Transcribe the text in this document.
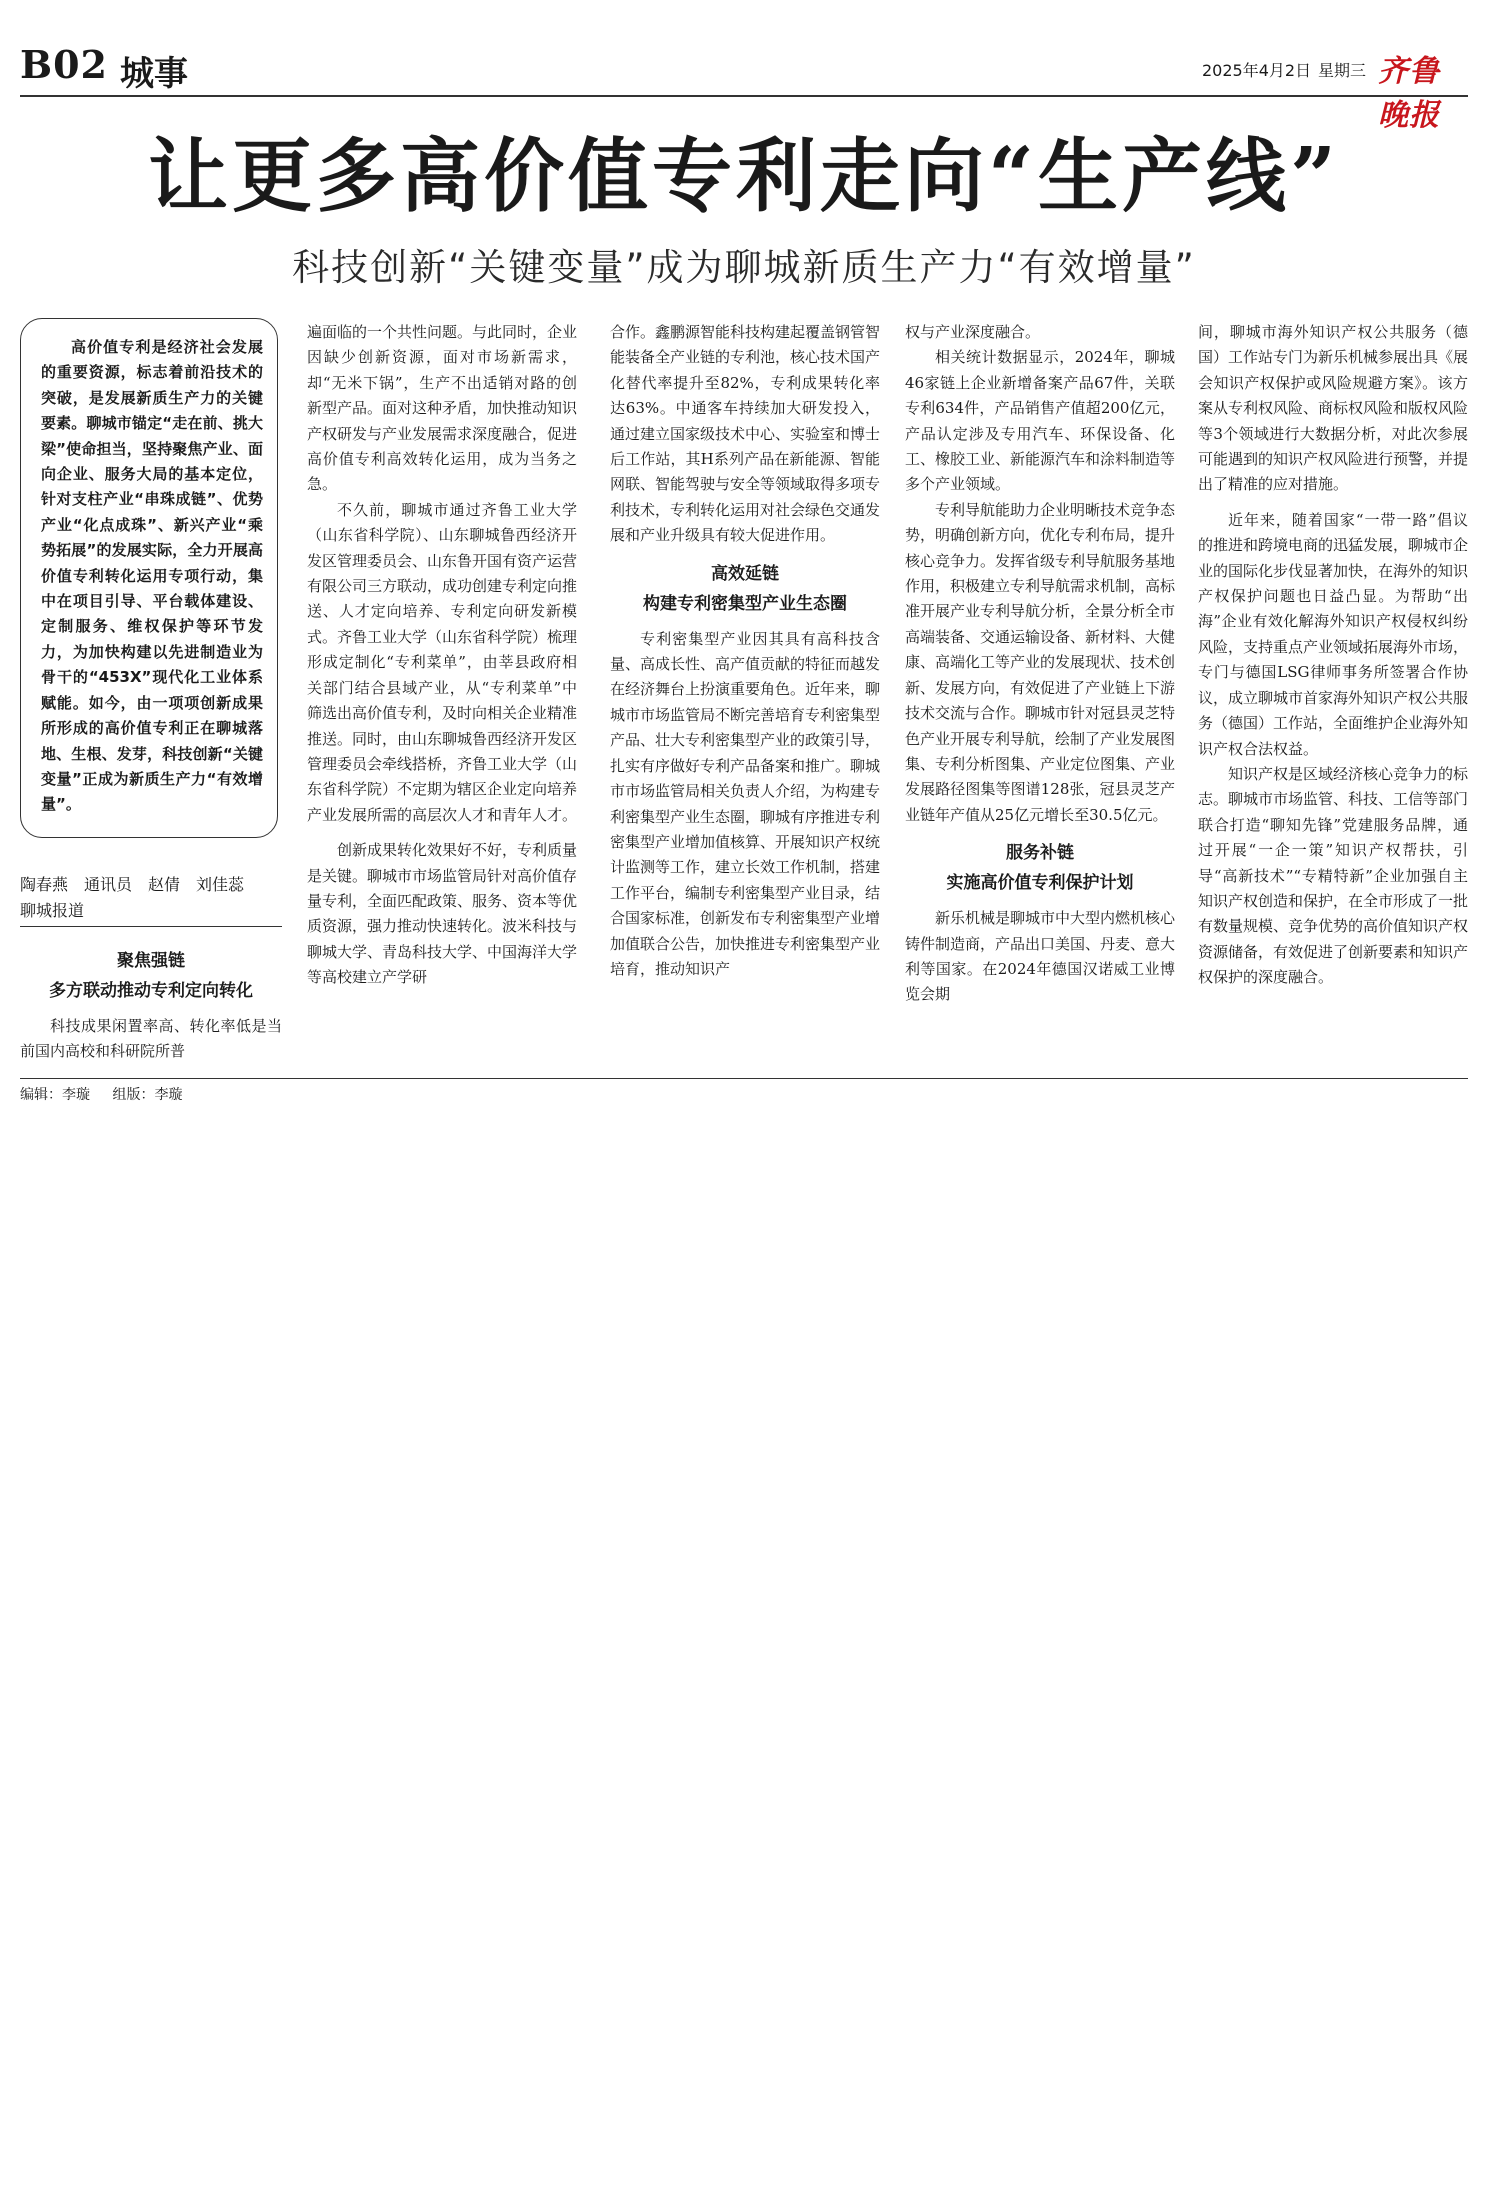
B02 城事	2025年4月2日 星期三 齐鲁晚报
让更多高价值专利走向“生产线”
科技创新“关键变量”成为聊城新质生产力“有效增量”

高价值专利是经济社会发展的重要资源，标志着前沿技术的突破，是发展新质生产力的关键要素。聊城市锚定“走在前、挑大梁”使命担当，坚持聚焦产业、面向企业、服务大局的基本定位，针对支柱产业“串珠成链”、优势产业“化点成珠”、新兴产业“乘势拓展”的发展实际，全力开展高价值专利转化运用专项行动，集中在项目引导、平台载体建设、定制服务、维权保护等环节发力，为加快构建以先进制造业为骨干的“453X”现代化工业体系赋能。如今，由一项项创新成果所形成的高价值专利正在聊城落地、生根、发芽，科技创新“关键变量”正成为新质生产力“有效增量”。

陶春燕　通讯员　赵倩　刘佳蕊
聊城报道
聚焦强链
多方联动推动专利定向转化

科技成果闲置率高、转化率低是当前国内高校和科研院所普

遍面临的一个共性问题。与此同时，企业因缺少创新资源，面对市场新需求，却“无米下锅”，生产不出适销对路的创新型产品。面对这种矛盾，加快推动知识产权研发与产业发展需求深度融合，促进高价值专利高效转化运用，成为当务之急。

不久前，聊城市通过齐鲁工业大学（山东省科学院）、山东聊城鲁西经济开发区管理委员会、山东鲁开国有资产运营有限公司三方联动，成功创建专利定向推送、人才定向培养、专利定向研发新模式。齐鲁工业大学（山东省科学院）梳理形成定制化“专利菜单”，由莘县政府相关部门结合县域产业，从“专利菜单”中筛选出高价值专利，及时向相关企业精准推送。同时，由山东聊城鲁西经济开发区管理委员会牵线搭桥，齐鲁工业大学（山东省科学院）不定期为辖区企业定向培养产业发展所需的高层次人才和青年人才。

创新成果转化效果好不好，专利质量是关键。聊城市市场监管局针对高价值存量专利，全面匹配政策、服务、资本等优质资源，强力推动快速转化。波米科技与聊城大学、青岛科技大学、中国海洋大学等高校建立产学研

合作。鑫鹏源智能科技构建起覆盖钢管智能装备全产业链的专利池，核心技术国产化替代率提升至82%，专利成果转化率达63%。中通客车持续加大研发投入，通过建立国家级技术中心、实验室和博士后工作站，其H系列产品在新能源、智能网联、智能驾驶与安全等领域取得多项专利技术，专利转化运用对社会绿色交通发展和产业升级具有较大促进作用。

高效延链
构建专利密集型产业生态圈

专利密集型产业因其具有高科技含量、高成长性、高产值贡献的特征而越发在经济舞台上扮演重要角色。近年来，聊城市市场监管局不断完善培育专利密集型产品、壮大专利密集型产业的政策引导，扎实有序做好专利产品备案和推广。聊城市市场监管局相关负责人介绍，为构建专利密集型产业生态圈，聊城有序推进专利密集型产业增加值核算、开展知识产权统计监测等工作，建立长效工作机制，搭建工作平台，编制专利密集型产业目录，结合国家标准，创新发布专利密集型产业增加值联合公告，加快推进专利密集型产业培育，推动知识产

权与产业深度融合。

相关统计数据显示，2024年，聊城46家链上企业新增备案产品67件，关联专利634件，产品销售产值超200亿元，产品认定涉及专用汽车、环保设备、化工、橡胶工业、新能源汽车和涂料制造等多个产业领域。

专利导航能助力企业明晰技术竞争态势，明确创新方向，优化专利布局，提升核心竞争力。发挥省级专利导航服务基地作用，积极建立专利导航需求机制，高标准开展产业专利导航分析，全景分析全市高端装备、交通运输设备、新材料、大健康、高端化工等产业的发展现状、技术创新、发展方向，有效促进了产业链上下游技术交流与合作。聊城市针对冠县灵芝特色产业开展专利导航，绘制了产业发展图集、专利分析图集、产业定位图集、产业发展路径图集等图谱128张，冠县灵芝产业链年产值从25亿元增长至30.5亿元。

服务补链
实施高价值专利保护计划

新乐机械是聊城市中大型内燃机核心铸件制造商，产品出口美国、丹麦、意大利等国家。在2024年德国汉诺威工业博览会期

间，聊城市海外知识产权公共服务（德国）工作站专门为新乐机械参展出具《展会知识产权保护或风险规避方案》。该方案从专利权风险、商标权风险和版权风险等3个领域进行大数据分析，对此次参展可能遇到的知识产权风险进行预警，并提出了精准的应对措施。

近年来，随着国家“一带一路”倡议的推进和跨境电商的迅猛发展，聊城市企业的国际化步伐显著加快，在海外的知识产权保护问题也日益凸显。为帮助“出海”企业有效化解海外知识产权侵权纠纷风险，支持重点产业领域拓展海外市场，专门与德国LSG律师事务所签署合作协议，成立聊城市首家海外知识产权公共服务（德国）工作站，全面维护企业海外知识产权合法权益。

知识产权是区域经济核心竞争力的标志。聊城市市场监管、科技、工信等部门联合打造“聊知先锋”党建服务品牌，通过开展“一企一策”知识产权帮扶，引导“高新技术”“专精特新”企业加强自主知识产权创造和保护，在全市形成了一批有数量规模、竞争优势的高价值知识产权资源储备，有效促进了创新要素和知识产权保护的深度融合。

编辑：李璇 组版：李璇
